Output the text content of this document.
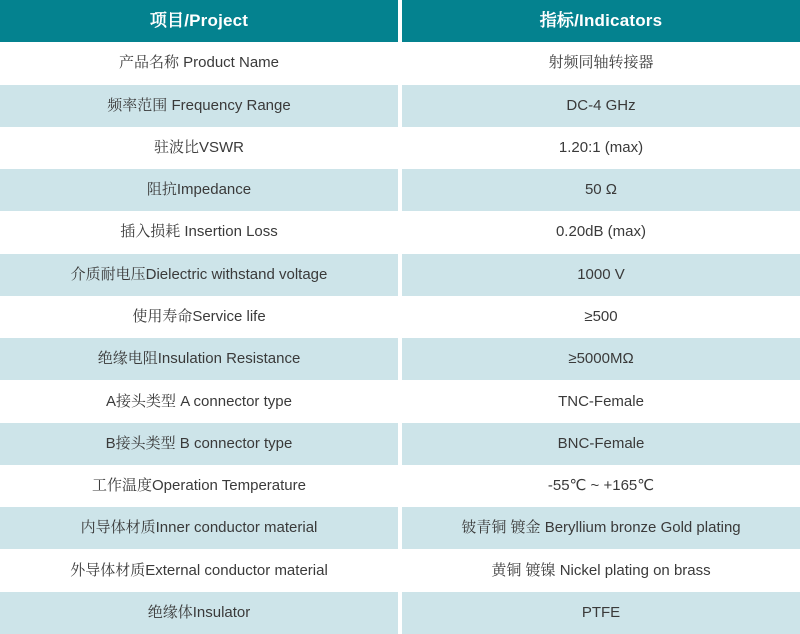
项目/Project	指标/Indicators
产品名称 Product Name	射频同轴转接器
频率范围 Frequency Range	DC-4 GHz
驻波比VSWR	1.20:1 (max)
阻抗Impedance	50 Ω
插入损耗 Insertion Loss	0.20dB (max)
介质耐电压Dielectric withstand voltage	1000 V
使用寿命Service life	≥500
绝缘电阻Insulation Resistance	≥5000MΩ
A接头类型 A connector type	TNC-Female
B接头类型 B connector type	BNC-Female
工作温度Operation Temperature	-55℃ ~ +165℃
内导体材质Inner conductor material	铍青铜 镀金 Beryllium bronze Gold plating
外导体材质External conductor material	黄铜 镀镍 Nickel plating on brass
绝缘体Insulator	PTFE
